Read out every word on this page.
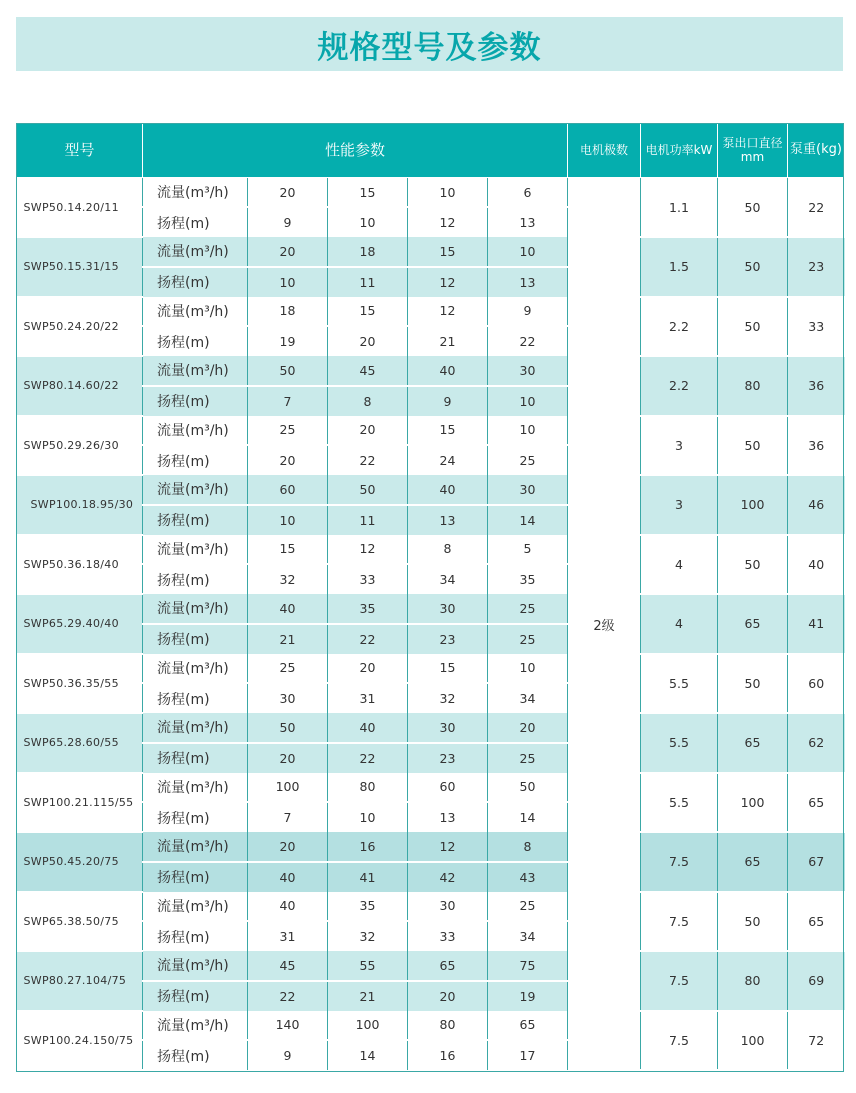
规格型号及参数
型号	性能参数					电机极数	电机功率kW	泵出口直径 mm	泵重(kg)
SWP50.14.20/11	流量(m³/h)	20	15	10	6	2级	1.1	50	22
	扬程(m)	9	10	12	13				
SWP50.15.31/15	流量(m³/h)	20	18	15	10		1.5	50	23
	扬程(m)	10	11	12	13				
SWP50.24.20/22	流量(m³/h)	18	15	12	9		2.2	50	33
	扬程(m)	19	20	21	22				
SWP80.14.60/22	流量(m³/h)	50	45	40	30		2.2	80	36
	扬程(m)	7	8	9	10				
SWP50.29.26/30	流量(m³/h)	25	20	15	10		3	50	36
	扬程(m)	20	22	24	25				
SWP100.18.95/30	流量(m³/h)	60	50	40	30		3	100	46
	扬程(m)	10	11	13	14				
SWP50.36.18/40	流量(m³/h)	15	12	8	5		4	50	40
	扬程(m)	32	33	34	35				
SWP65.29.40/40	流量(m³/h)	40	35	30	25		4	65	41
	扬程(m)	21	22	23	25				
SWP50.36.35/55	流量(m³/h)	25	20	15	10		5.5	50	60
	扬程(m)	30	31	32	34				
SWP65.28.60/55	流量(m³/h)	50	40	30	20		5.5	65	62
	扬程(m)	20	22	23	25				
SWP100.21.115/55	流量(m³/h)	100	80	60	50		5.5	100	65
	扬程(m)	7	10	13	14				
SWP50.45.20/75	流量(m³/h)	20	16	12	8		7.5	65	67
	扬程(m)	40	41	42	43				
SWP65.38.50/75	流量(m³/h)	40	35	30	25		7.5	50	65
	扬程(m)	31	32	33	34				
SWP80.27.104/75	流量(m³/h)	45	55	65	75		7.5	80	69
	扬程(m)	22	21	20	19				
SWP100.24.150/75	流量(m³/h)	140	100	80	65		7.5	100	72
	扬程(m)	9	14	16	17				
